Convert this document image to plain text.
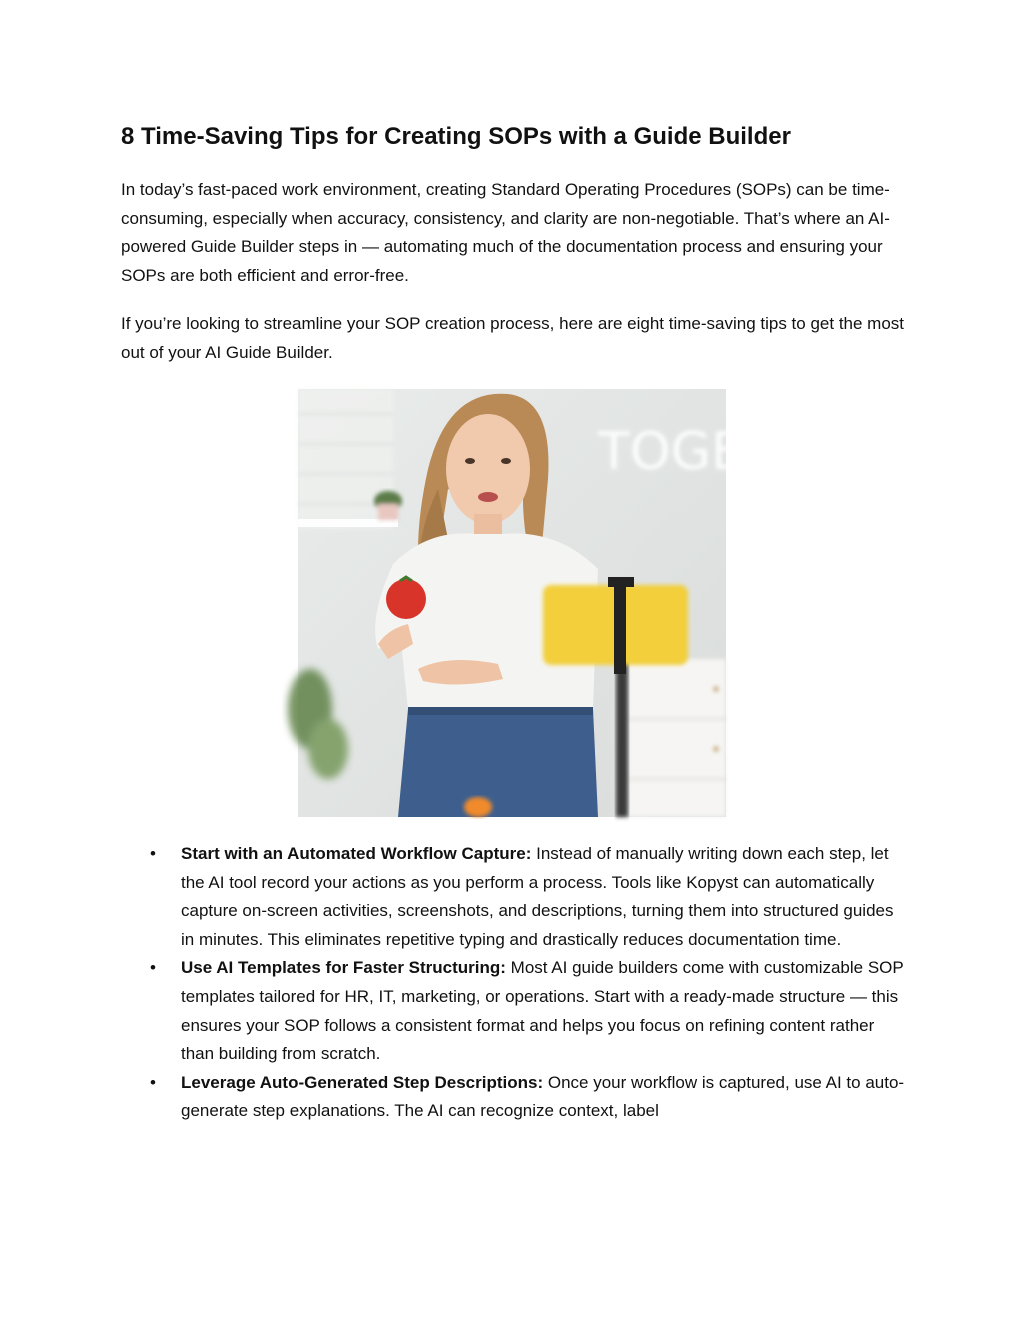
8 Time-Saving Tips for Creating SOPs with a Guide Builder

In today’s fast-paced work environment, creating Standard Operating Procedures (SOPs) can be time-consuming, especially when accuracy, consistency, and clarity are non-negotiable. That’s where an AI-powered Guide Builder steps in — automating much of the documentation process and ensuring your SOPs are both efficient and error-free.

If you’re looking to streamline your SOP creation process, here are eight time-saving tips to get the most out of your AI Guide Builder.

TOGE
• Start with an Automated Workflow Capture: Instead of manually writing down each step, let the AI tool record your actions as you perform a process. Tools like Kopyst can automatically capture on-screen activities, screenshots, and descriptions, turning them into structured guides in minutes. This eliminates repetitive typing and drastically reduces documentation time.
• Use AI Templates for Faster Structuring: Most AI guide builders come with customizable SOP templates tailored for HR, IT, marketing, or operations. Start with a ready-made structure — this ensures your SOP follows a consistent format and helps you focus on refining content rather than building from scratch.
• Leverage Auto-Generated Step Descriptions: Once your workflow is captured, use AI to auto-generate step explanations. The AI can recognize context, label
